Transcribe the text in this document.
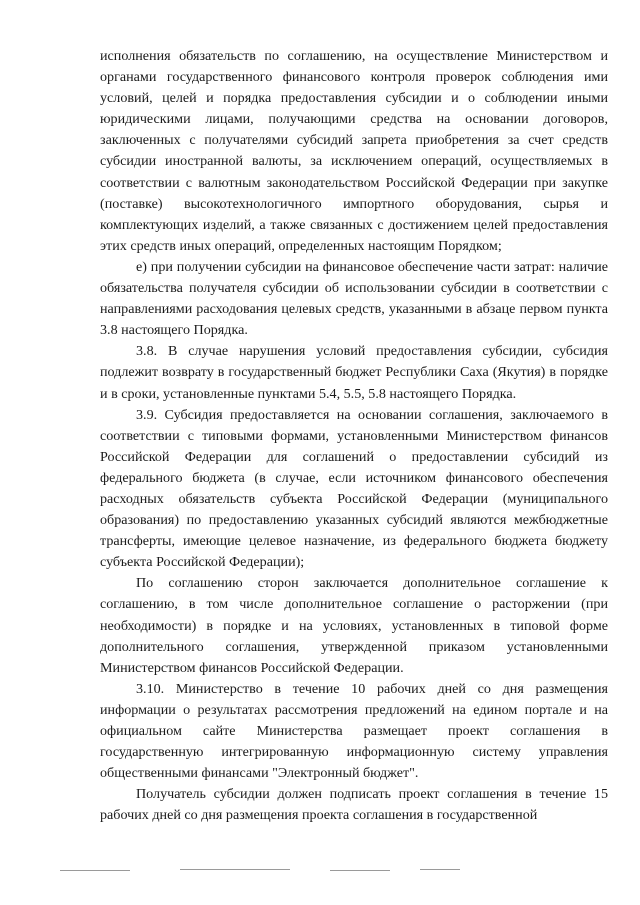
исполнения обязательств по соглашению, на осуществление Министерством и органами государственного финансового контроля проверок соблюдения ими условий, целей и порядка предоставления субсидии и о соблюдении иными юридическими лицами, получающими средства на основании договоров, заключенных с получателями субсидий запрета приобретения за счет средств субсидии иностранной валюты, за исключением операций, осуществляемых в соответствии с валютным законодательством Российской Федерации при закупке (поставке) высокотехнологичного импортного оборудования, сырья и комплектующих изделий, а также связанных с достижением целей предоставления этих средств иных операций, определенных настоящим Порядком;

е) при получении субсидии на финансовое обеспечение части затрат: наличие обязательства получателя субсидии об использовании субсидии в соответствии с направлениями расходования целевых средств, указанными в абзаце первом пункта 3.8 настоящего Порядка.

3.8. В случае нарушения условий предоставления субсидии, субсидия подлежит возврату в государственный бюджет Республики Саха (Якутия) в порядке и в сроки, установленные пунктами 5.4, 5.5, 5.8 настоящего Порядка.

3.9. Субсидия предоставляется на основании соглашения, заключаемого в соответствии с типовыми формами, установленными Министерством финансов Российской Федерации для соглашений о предоставлении субсидий из федерального бюджета (в случае, если источником финансового обеспечения расходных обязательств субъекта Российской Федерации (муниципального образования) по предоставлению указанных субсидий являются межбюджетные трансферты, имеющие целевое назначение, из федерального бюджета бюджету субъекта Российской Федерации);

По соглашению сторон заключается дополнительное соглашение к соглашению, в том числе дополнительное соглашение о расторжении (при необходимости) в порядке и на условиях, установленных в типовой форме дополнительного соглашения, утвержденной приказом установленными Министерством финансов Российской Федерации.

3.10. Министерство в течение 10 рабочих дней со дня размещения информации о результатах рассмотрения предложений на едином портале и на официальном сайте Министерства размещает проект соглашения в государственную интегрированную информационную систему управления общественными финансами "Электронный бюджет".

Получатель субсидии должен подписать проект соглашения в течение 15 рабочих дней со дня размещения проекта соглашения в государственной
